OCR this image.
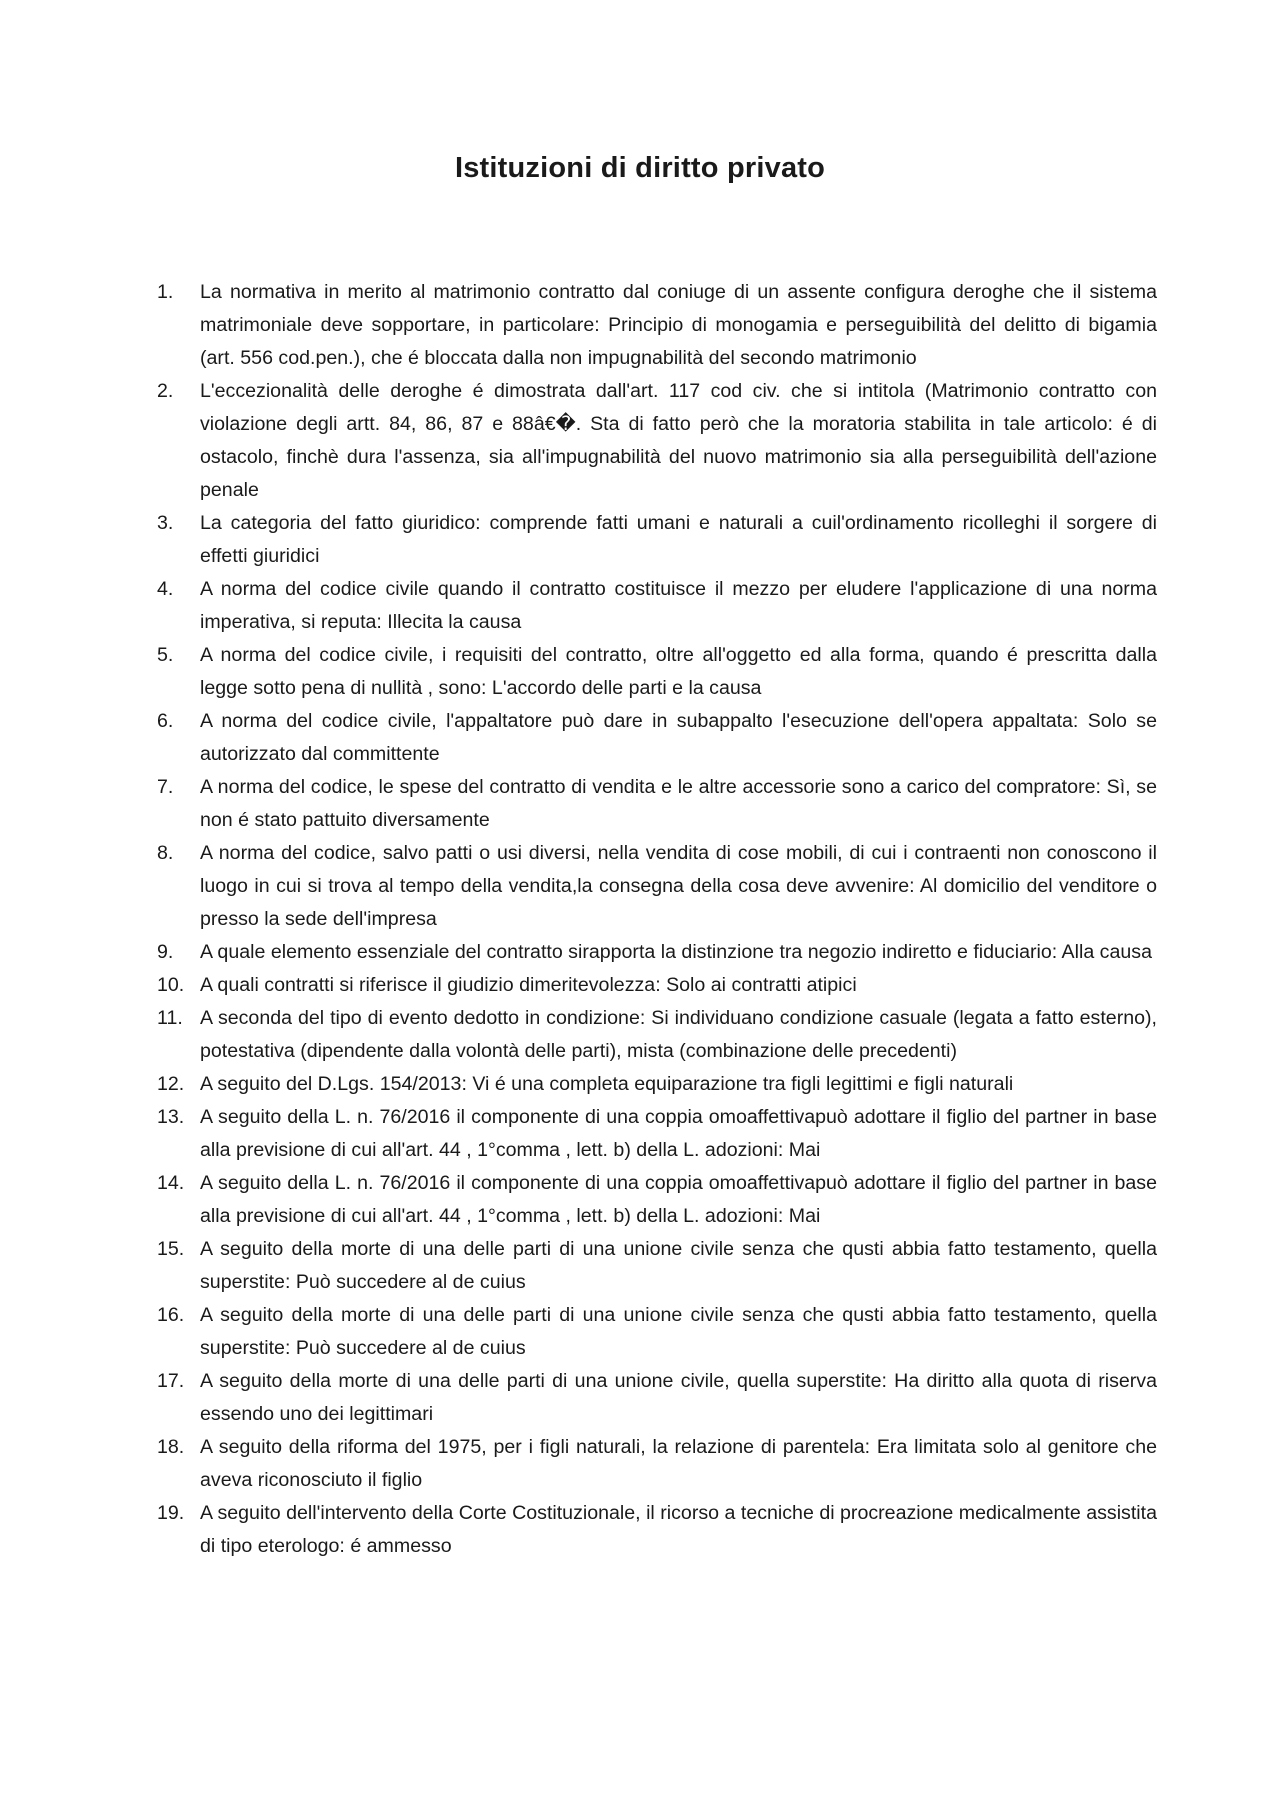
Istituzioni di diritto privato
1.	La normativa in merito al matrimonio contratto dal coniuge di un assente configura deroghe che il sistema matrimoniale deve sopportare, in particolare: Principio di monogamia e perseguibilità del delitto di bigamia (art. 556 cod.pen.), che é bloccata dalla non impugnabilità del secondo matrimonio
2.	L'eccezionalità delle deroghe é dimostrata dall'art. 117 cod civ. che si intitola (Matrimonio contratto con violazione degli artt. 84, 86, 87 e 88â€�. Sta di fatto però che la moratoria stabilita in tale articolo: é di ostacolo, finchè dura l'assenza, sia all'impugnabilità del nuovo matrimonio sia alla perseguibilità dell'azione penale
3.	La categoria del fatto giuridico: comprende fatti umani e naturali a cuil'ordinamento ricolleghi il sorgere di effetti giuridici
4.	A norma del codice civile quando il contratto costituisce il mezzo per eludere l'applicazione di una norma imperativa, si reputa: Illecita la causa
5.	A norma del codice civile, i requisiti del contratto, oltre all'oggetto ed alla forma, quando é prescritta dalla legge sotto pena di nullità , sono: L'accordo delle parti e la causa
6.	A norma del codice civile, l'appaltatore può dare in subappalto l'esecuzione dell'opera appaltata: Solo se autorizzato dal committente
7.	A norma del codice, le spese del contratto di vendita e le altre accessorie sono a carico del compratore: Sì, se non é stato pattuito diversamente
8.	A norma del codice, salvo patti o usi diversi, nella vendita di cose mobili, di cui i contraenti non conoscono il luogo in cui si trova al tempo della vendita,la consegna della cosa deve avvenire: Al domicilio del venditore o presso la sede dell'impresa
9.	A quale elemento essenziale del contratto sirapporta la distinzione tra negozio indiretto e fiduciario: Alla causa
10. A quali contratti si riferisce il giudizio dimeritevolezza: Solo ai contratti atipici
11. A seconda del tipo di evento dedotto in condizione: Si individuano condizione casuale (legata a fatto esterno), potestativa (dipendente dalla volontà delle parti), mista (combinazione delle precedenti)
12. A seguito del D.Lgs. 154/2013: Vi é una completa equiparazione tra figli legittimi e figli naturali
13. A seguito della L. n. 76/2016 il componente di una coppia omoaffettivapuò adottare il figlio del partner in base alla previsione di cui all'art. 44 , 1°comma , lett. b) della L. adozioni: Mai
14. A seguito della L. n. 76/2016 il componente di una coppia omoaffettivapuò adottare il figlio del partner in base alla previsione di cui all'art. 44 , 1°comma , lett. b) della L. adozioni: Mai
15. A seguito della morte di una delle parti di una unione civile senza che qusti abbia fatto testamento, quella superstite: Può succedere al de cuius
16. A seguito della morte di una delle parti di una unione civile senza che qusti abbia fatto testamento, quella superstite: Può succedere al de cuius
17. A seguito della morte di una delle parti di una unione civile, quella superstite: Ha diritto alla quota di riserva essendo uno dei legittimari
18. A seguito della riforma del 1975, per i figli naturali, la relazione di parentela: Era limitata solo al genitore che aveva riconosciuto il figlio
19. A seguito dell'intervento della Corte Costituzionale, il ricorso a tecniche di procreazione medicalmente assistita di tipo eterologo: é ammesso
